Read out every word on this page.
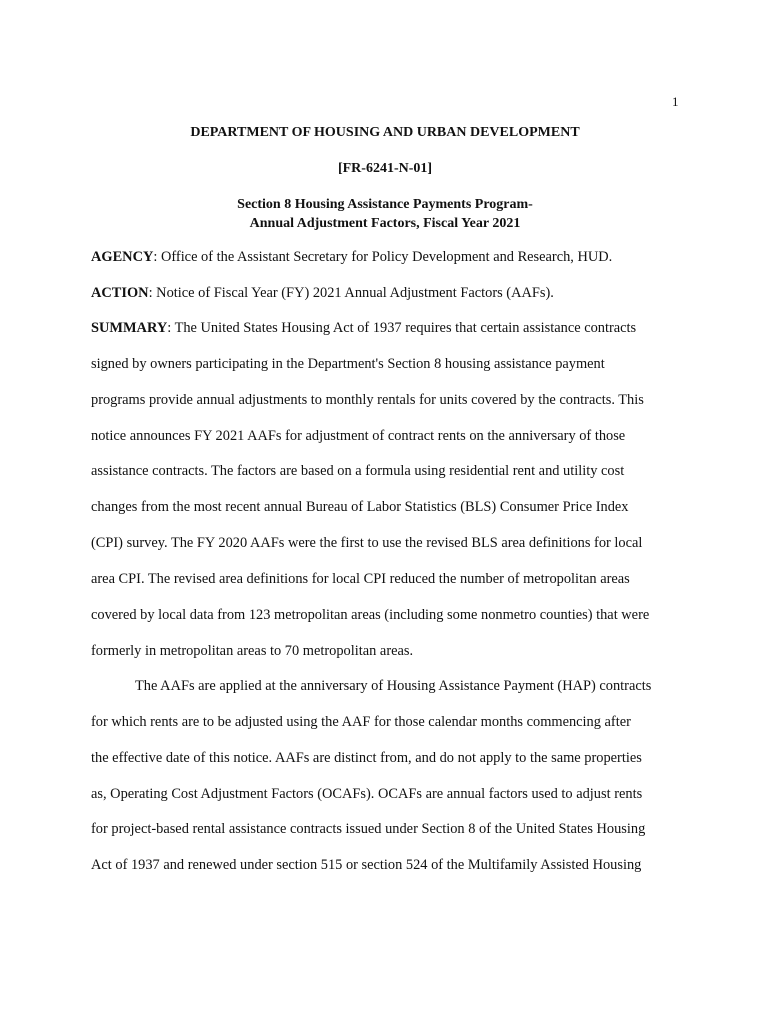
1
DEPARTMENT OF HOUSING AND URBAN DEVELOPMENT
[FR-6241-N-01]
Section 8 Housing Assistance Payments Program-
Annual Adjustment Factors, Fiscal Year 2021
AGENCY: Office of the Assistant Secretary for Policy Development and Research, HUD.
ACTION: Notice of Fiscal Year (FY) 2021 Annual Adjustment Factors (AAFs).
SUMMARY: The United States Housing Act of 1937 requires that certain assistance contracts
signed by owners participating in the Department's Section 8 housing assistance payment
programs provide annual adjustments to monthly rentals for units covered by the contracts. This
notice announces FY 2021 AAFs for adjustment of contract rents on the anniversary of those
assistance contracts. The factors are based on a formula using residential rent and utility cost
changes from the most recent annual Bureau of Labor Statistics (BLS) Consumer Price Index
(CPI) survey. The FY 2020 AAFs were the first to use the revised BLS area definitions for local
area CPI. The revised area definitions for local CPI reduced the number of metropolitan areas
covered by local data from 123 metropolitan areas (including some nonmetro counties) that were
formerly in metropolitan areas to 70 metropolitan areas.
The AAFs are applied at the anniversary of Housing Assistance Payment (HAP) contracts
for which rents are to be adjusted using the AAF for those calendar months commencing after
the effective date of this notice. AAFs are distinct from, and do not apply to the same properties
as, Operating Cost Adjustment Factors (OCAFs). OCAFs are annual factors used to adjust rents
for project-based rental assistance contracts issued under Section 8 of the United States Housing
Act of 1937 and renewed under section 515 or section 524 of the Multifamily Assisted Housing
